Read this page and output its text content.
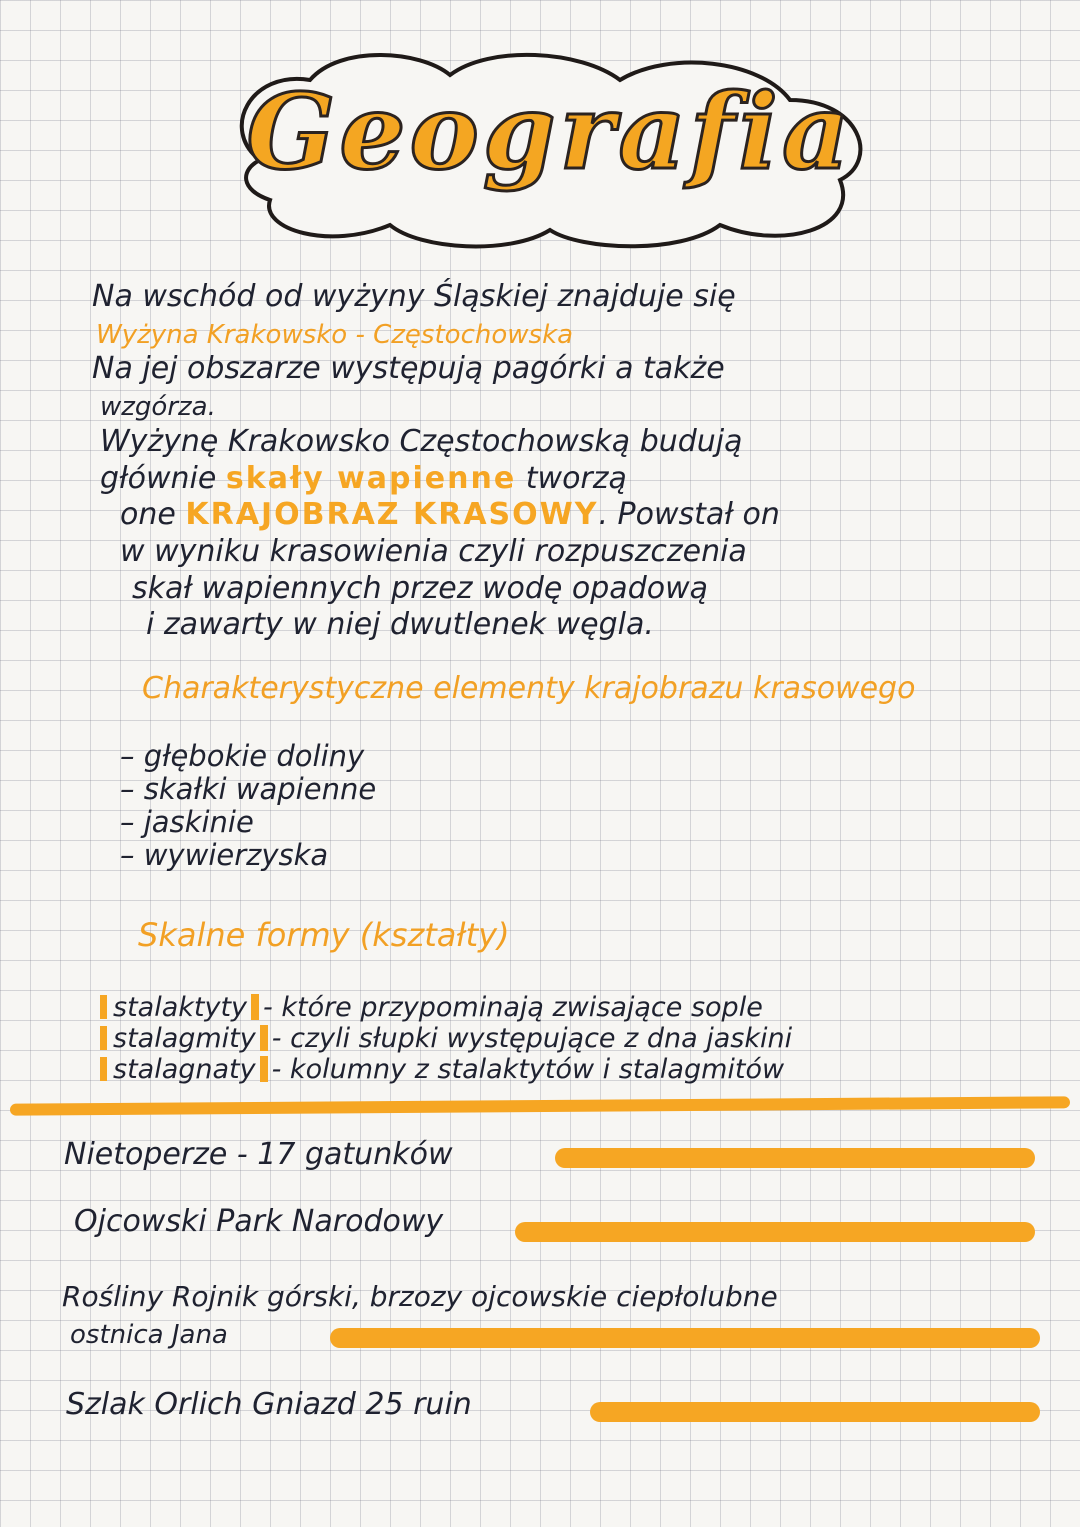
Geografia
Na wschód od wyżyny Śląskiej znajduje się
Wyżyna Krakowsko - Częstochowska
Na jej obszarze występują pagórki a także
wzgórza.
Wyżynę Krakowsko Częstochowską budują
głównie skały wapienne tworzą
one KRAJOBRAZ KRASOWY. Powstał on
w wyniku krasowienia czyli rozpuszczenia
skał wapiennych przez wodę opadową
i zawarty w niej dwutlenek węgla.
Charakterystyczne elementy krajobrazu krasowego
– głębokie doliny
– skałki wapienne
– jaskinie
– wywierzyska
Skalne formy (kształty)
stalaktyty - które przypominają zwisające sople
stalagmity - czyli słupki występujące z dna jaskini
stalagnaty - kolumny z stalaktytów i stalagmitów
Nietoperze - 17 gatunków
Ojcowski Park Narodowy
Rośliny Rojnik górski, brzozy ojcowskie ciepłolubne
ostnica Jana
Szlak Orlich Gniazd 25 ruin
